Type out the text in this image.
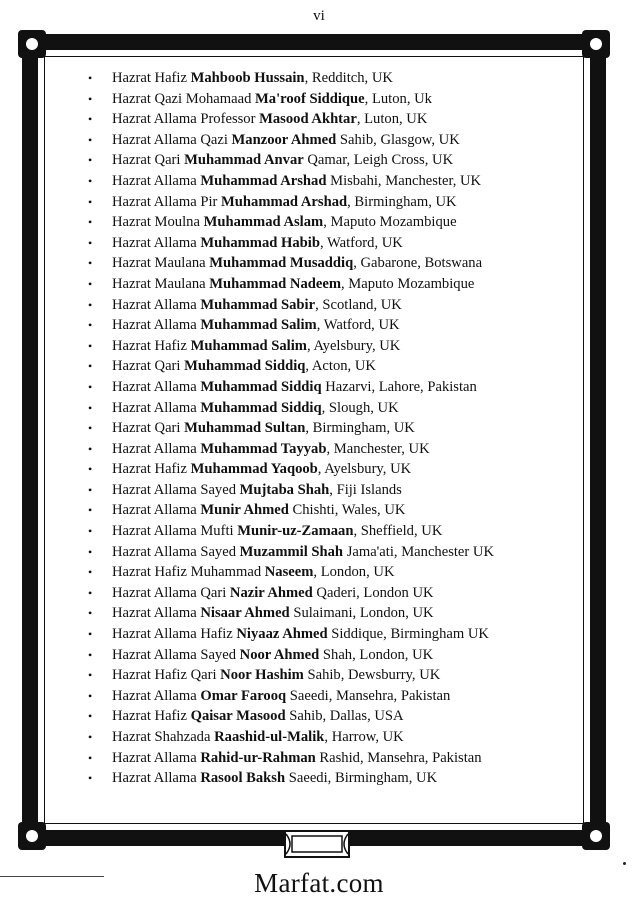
vi
• Hazrat Hafiz Mahboob Hussain, Redditch, UK
• Hazrat Qazi Mohamaad Ma'roof Siddique, Luton, Uk
• Hazrat Allama Professor Masood Akhtar, Luton, UK
• Hazrat Allama Qazi Manzoor Ahmed Sahib, Glasgow, UK
• Hazrat Qari Muhammad Anvar Qamar, Leigh Cross, UK
• Hazrat Allama Muhammad Arshad Misbahi, Manchester, UK
• Hazrat Allama Pir Muhammad Arshad, Birmingham, UK
• Hazrat Moulna Muhammad Aslam, Maputo Mozambique
• Hazrat Allama Muhammad Habib, Watford, UK
• Hazrat Maulana Muhammad Musaddiq, Gabarone, Botswana
• Hazrat Maulana Muhammad Nadeem, Maputo Mozambique
• Hazrat Allama Muhammad Sabir, Scotland, UK
• Hazrat Allama Muhammad Salim, Watford, UK
• Hazrat Hafiz Muhammad Salim, Ayelsbury, UK
• Hazrat Qari Muhammad Siddiq, Acton, UK
• Hazrat Allama Muhammad Siddiq Hazarvi, Lahore, Pakistan
• Hazrat Allama Muhammad Siddiq, Slough, UK
• Hazrat Qari Muhammad Sultan, Birmingham, UK
• Hazrat Allama Muhammad Tayyab, Manchester, UK
• Hazrat Hafiz Muhammad Yaqoob, Ayelsbury, UK
• Hazrat Allama Sayed Mujtaba Shah, Fiji Islands
• Hazrat Allama Munir Ahmed Chishti, Wales, UK
• Hazrat Allama Mufti Munir-uz-Zamaan, Sheffield, UK
• Hazrat Allama Sayed Muzammil Shah Jama'ati, Manchester UK
• Hazrat Hafiz Muhammad Naseem, London, UK
• Hazrat Allama Qari Nazir Ahmed Qaderi, London UK
• Hazrat Allama Nisaar Ahmed Sulaimani, London, UK
• Hazrat Allama Hafiz Niyaaz Ahmed Siddique, Birmingham UK
• Hazrat Allama Sayed Noor Ahmed Shah, London, UK
• Hazrat Hafiz Qari Noor Hashim Sahib, Dewsburry, UK
• Hazrat Allama Omar Farooq Saeedi, Mansehra, Pakistan
• Hazrat Hafiz Qaisar Masood Sahib, Dallas, USA
• Hazrat Shahzada Raashid-ul-Malik, Harrow, UK
• Hazrat Allama Rahid-ur-Rahman Rashid, Mansehra, Pakistan
• Hazrat Allama Rasool Baksh Saeedi, Birmingham, UK
Marfat.com
